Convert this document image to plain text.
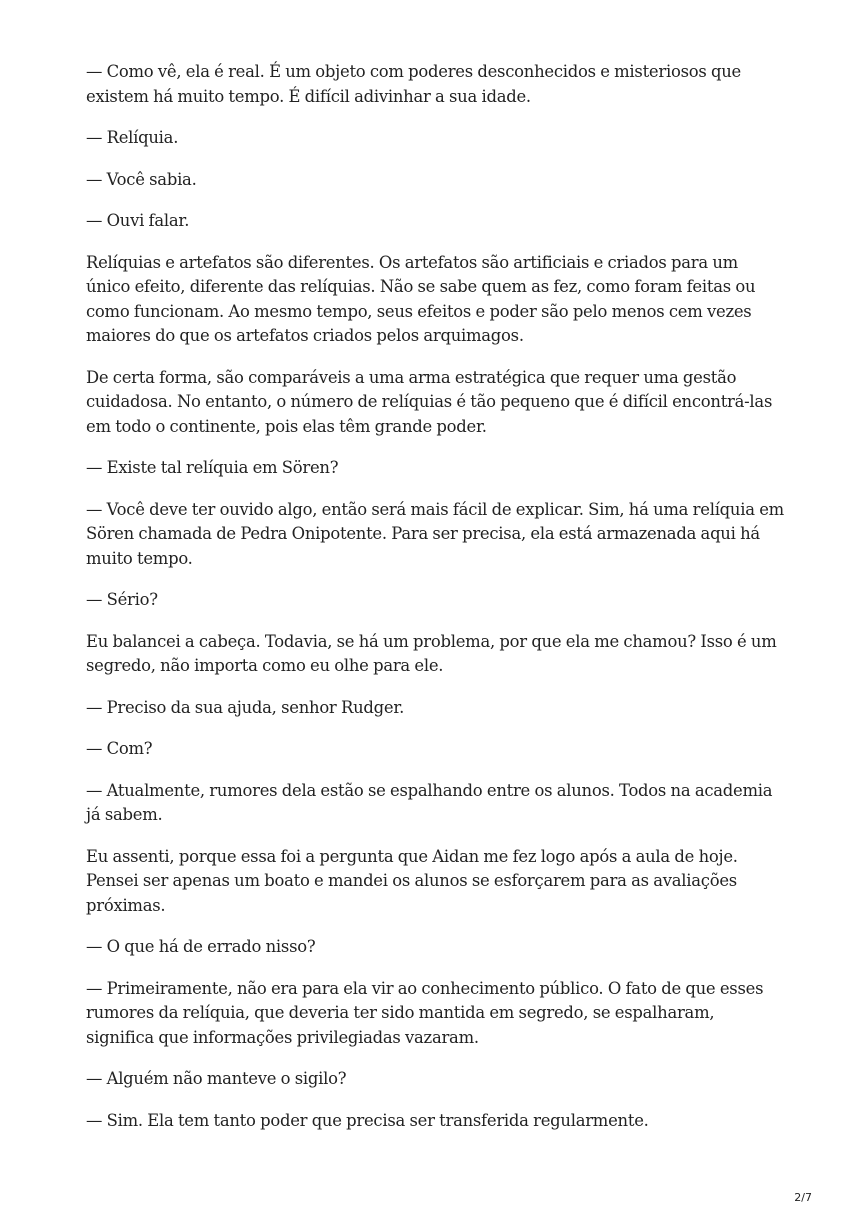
— Como vê, ela é real. É um objeto com poderes desconhecidos e misteriosos que existem há muito tempo. É difícil adivinhar a sua idade.

— Relíquia.

— Você sabia.

— Ouvi falar.

Relíquias e artefatos são diferentes. Os artefatos são artificiais e criados para um único efeito, diferente das relíquias. Não se sabe quem as fez, como foram feitas ou como funcionam. Ao mesmo tempo, seus efeitos e poder são pelo menos cem vezes maiores do que os artefatos criados pelos arquimagos.

De certa forma, são comparáveis a uma arma estratégica que requer uma gestão cuidadosa. No entanto, o número de relíquias é tão pequeno que é difícil encontrá-las em todo o continente, pois elas têm grande poder.

— Existe tal relíquia em Sören?

— Você deve ter ouvido algo, então será mais fácil de explicar. Sim, há uma relíquia em Sören chamada de Pedra Onipotente. Para ser precisa, ela está armazenada aqui há muito tempo.

— Sério?

Eu balancei a cabeça. Todavia, se há um problema, por que ela me chamou? Isso é um segredo, não importa como eu olhe para ele.

— Preciso da sua ajuda, senhor Rudger.

— Com?

— Atualmente, rumores dela estão se espalhando entre os alunos. Todos na academia já sabem.

Eu assenti, porque essa foi a pergunta que Aidan me fez logo após a aula de hoje. Pensei ser apenas um boato e mandei os alunos se esforçarem para as avaliações próximas.

— O que há de errado nisso?

— Primeiramente, não era para ela vir ao conhecimento público. O fato de que esses rumores da relíquia, que deveria ter sido mantida em segredo, se espalharam, significa que informações privilegiadas vazaram.

— Alguém não manteve o sigilo?

— Sim. Ela tem tanto poder que precisa ser transferida regularmente.

2/7
